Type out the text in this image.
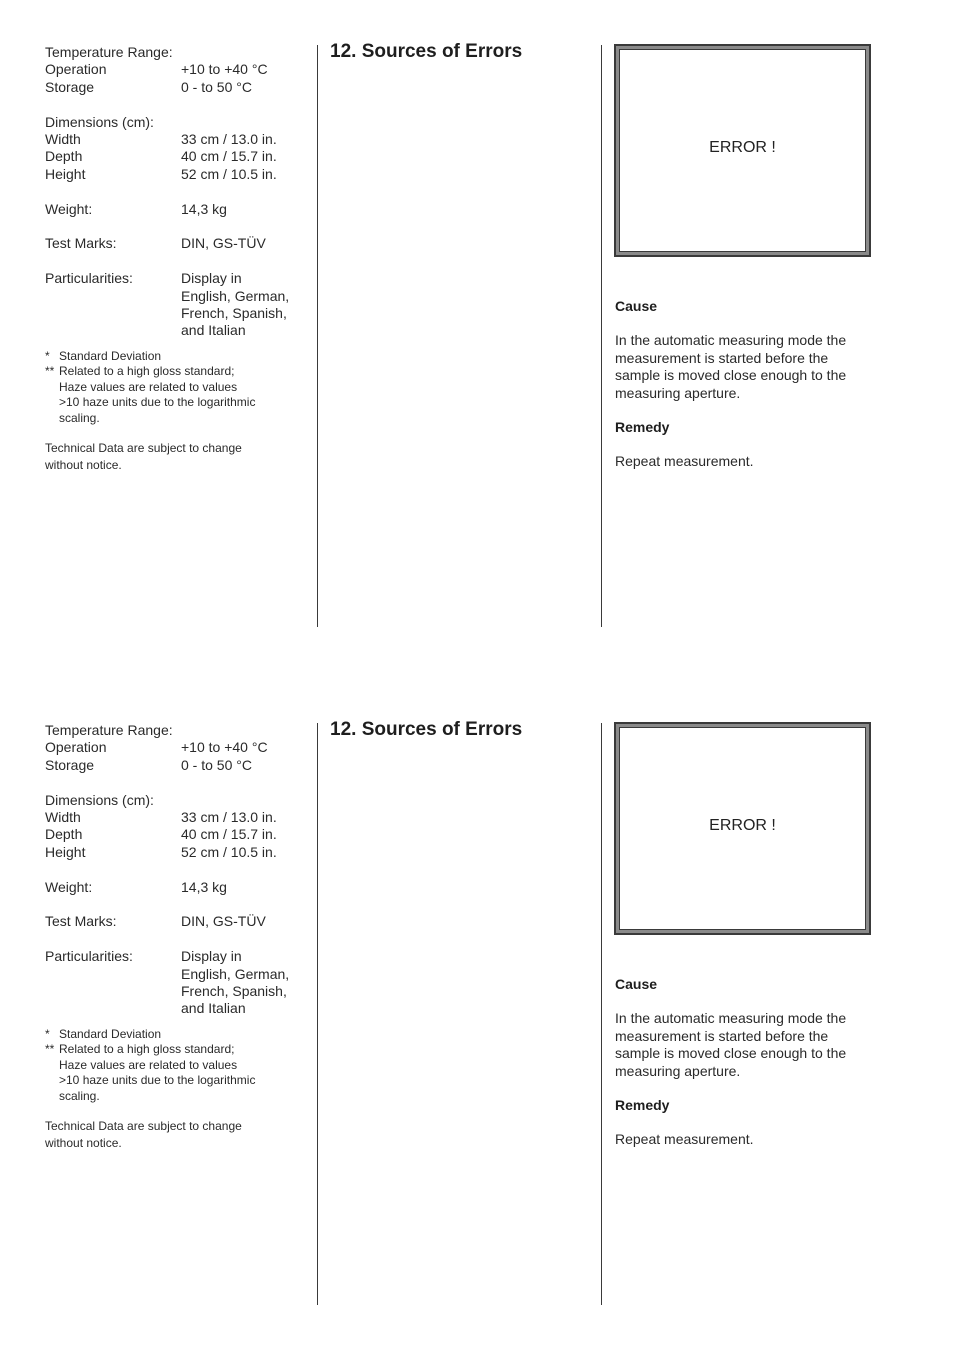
Temperature Range:
Operation	+10 to +40 °C
Storage	0 - to 50 °C
Dimensions (cm):
Width	33 cm / 13.0 in.
Depth	40 cm / 15.7 in.
Height	52 cm / 10.5 in.
Weight:	14,3 kg
Test Marks:	DIN, GS-TÜV
Particularities:	Display in
English, German,
French, Spanish,
and Italian
* Standard Deviation
** Related to a high gloss standard;
Haze values are related to values
>10 haze units due to the logarithmic
scaling.
Technical Data are subject to change without notice.
12. Sources of Errors
ERROR !
Cause

In the automatic measuring mode the measurement is started before the sample is moved close enough to the measuring aperture.

Remedy

Repeat measurement.

Temperature Range:
Operation	+10 to +40 °C
Storage	0 - to 50 °C
Dimensions (cm):
Width	33 cm / 13.0 in.
Depth	40 cm / 15.7 in.
Height	52 cm / 10.5 in.
Weight:	14,3 kg
Test Marks:	DIN, GS-TÜV
Particularities:	Display in
English, German,
French, Spanish,
and Italian
* Standard Deviation
** Related to a high gloss standard;
Haze values are related to values
>10 haze units due to the logarithmic
scaling.
Technical Data are subject to change without notice.
12. Sources of Errors
ERROR !
Cause

In the automatic measuring mode the measurement is started before the sample is moved close enough to the measuring aperture.

Remedy

Repeat measurement.
